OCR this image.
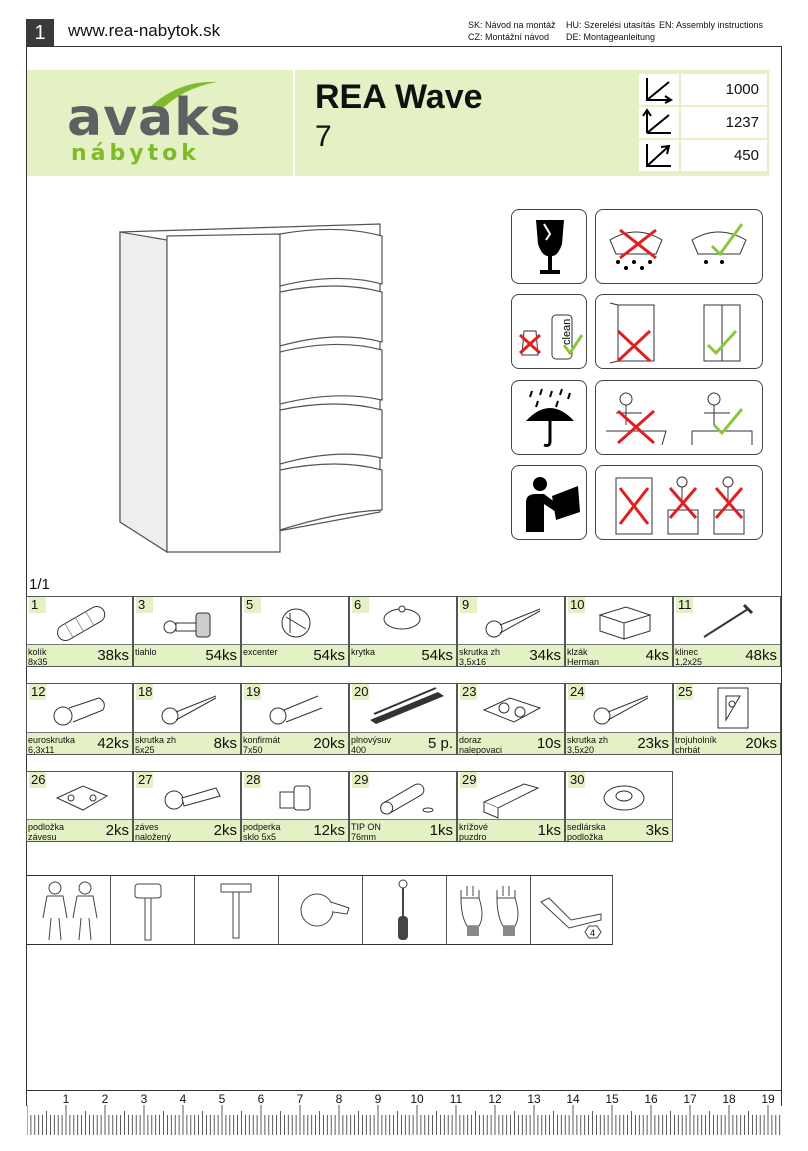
1	www.rea-nabytok.sk	SK: Návod na montáž HU: Szerelési utasítás EN: Assembly instructions
CZ: Montážní návod DE: Montageanleitung
avaks
nábytok
REA Wave
7
1000
1237
450
clean
1/1
1
kolík
8x35	38ks
3
tiahlo	54ks
5
excenter 54ks
6
krytka	54ks
9
skrutka zh
3,5x16	34ks
10
klzák
Herman	4ks
11
klinec
1,2x25	48ks
12
euroskrutka
6,3x11	42ks
18
skrutka zh
5x25	8ks
19
konfirmát
7x50	20ks
20
plnovýsuv
400	5 p.
23
doraz
nalepovaci 10s
24
skrutka zh
3,5x20	23ks
25
trojuholník
chrbát	20ks
26
podložka
závesu	2ks
27
záves
naložený	2ks
28
podperka
sklo 5x5	12ks
29
TIP ON
76mm	1ks
29
krížové
puzdro	1ks
30
sedlárska
podložka	3ks
4
1	2	3	4	5	6	7	8	9 10 11 12 13 14 15 16 17 18 19
